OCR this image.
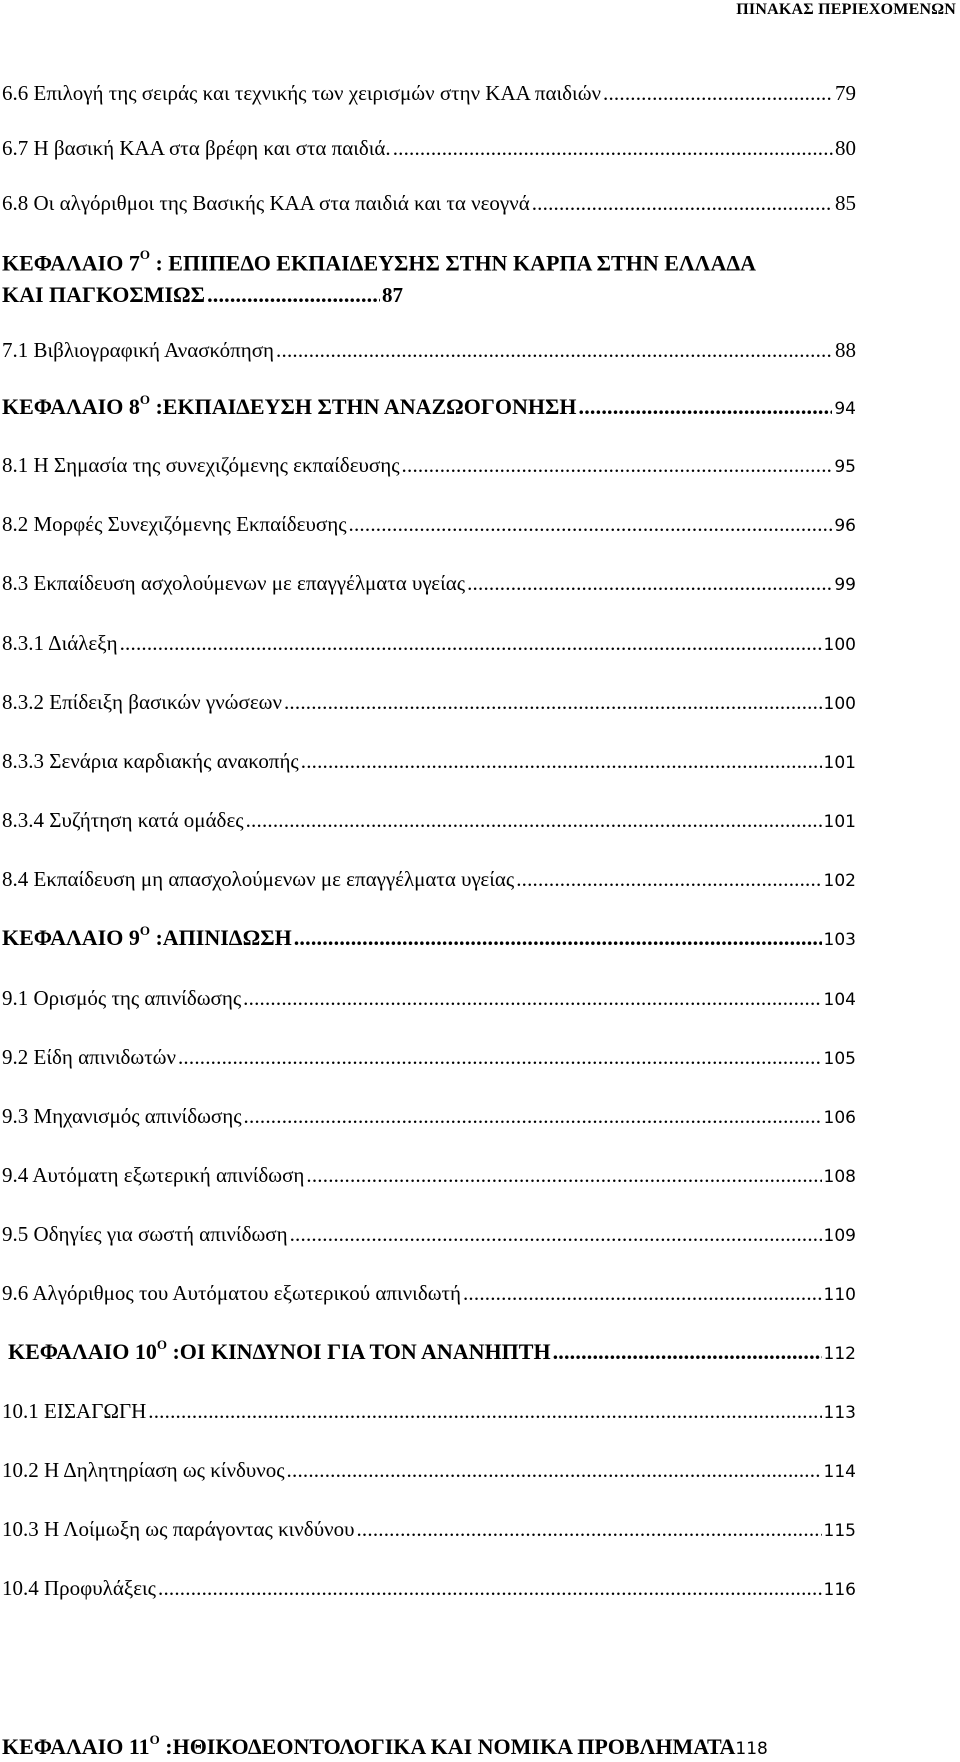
ΠΙΝΑΚΑΣ ΠΕΡΙΕΧΟΜΕΝΩΝ
6.6 Επιλογή της σειράς και τεχνικής των χειρισμών στην ΚΑΑ παιδιών .....	79
6.7 Η βασική ΚΑΑ στα βρέφη και στα παιδιά. .....	80
6.8 Οι αλγόριθμοι της Βασικής ΚΑΑ στα παιδιά και τα νεογνά .....	85
ΚΕΦΑΛΑΙΟ $7^O$ : ΕΠΙΠΕΔΟ ΕΚΠΑΙΔΕΥΣΗΣ ΣΤΗΝ ΚΑΡΠΑ ΣΤΗΝ ΕΛΛΑΔΑ
ΚΑΙ ΠΑΓΚΟΣΜΙΩΣ .....	87
7.1 Βιβλιογραφική Ανασκόπηση .....	88
ΚΕΦΑΛΑΙΟ $8^O$ :ΕΚΠΑΙΔΕΥΣΗ ΣΤΗΝ ΑΝΑΖΩΟΓΟΝΗΣΗ .....	94
8.1 Η Σημασία της συνεχιζόμενης εκπαίδευσης .....	95
8.2 Μορφές Συνεχιζόμενης Εκπαίδευσης .....	96
8.3 Εκπαίδευση ασχολούμενων με επαγγέλματα υγείας .....	99
8.3.1 Διάλεξη .....	100
8.3.2 Επίδειξη βασικών γνώσεων .....	100
8.3.3 Σενάρια καρδιακής ανακοπής .....	101
8.3.4 Συζήτηση κατά ομάδες .....	101
8.4 Εκπαίδευση μη απασχολούμενων με επαγγέλματα υγείας .....	102
ΚΕΦΑΛΑΙΟ $9^O$ :ΑΠΙΝΙΔΩΣΗ .....	103
9.1 Ορισμός της απινίδωσης .....	104
9.2 Είδη απινιδωτών .....	105
9.3 Μηχανισμός απινίδωσης .....	106
9.4 Αυτόματη εξωτερική απινίδωση .....	108
9.5 Οδηγίες για σωστή απινίδωση .....	109
9.6 Αλγόριθμος του Αυτόματου εξωτερικού απινιδωτή .....	110
ΚΕΦΑΛΑΙΟ $10^O$ :ΟΙ ΚΙΝΔΥΝΟΙ ΓΙΑ ΤΟΝ ΑΝΑΝΗΠΤΗ .....	112
10.1 ΕΙΣΑΓΩΓΗ .....	113
10.2 Η Δηλητηρίαση ως κίνδυνος .....	114
10.3 Η Λοίμωξη ως παράγοντας κινδύνου .....	115
10.4 Προφυλάξεις .....	116
ΚΕΦΑΛΑΙΟ $11^O$ :ΗΘΙΚΟΔΕΟΝΤΟΛΟΓΙΚΑ ΚΑΙ ΝΟΜΙΚΑ ΠΡΟΒΛΗΜΑΤΑ 118
